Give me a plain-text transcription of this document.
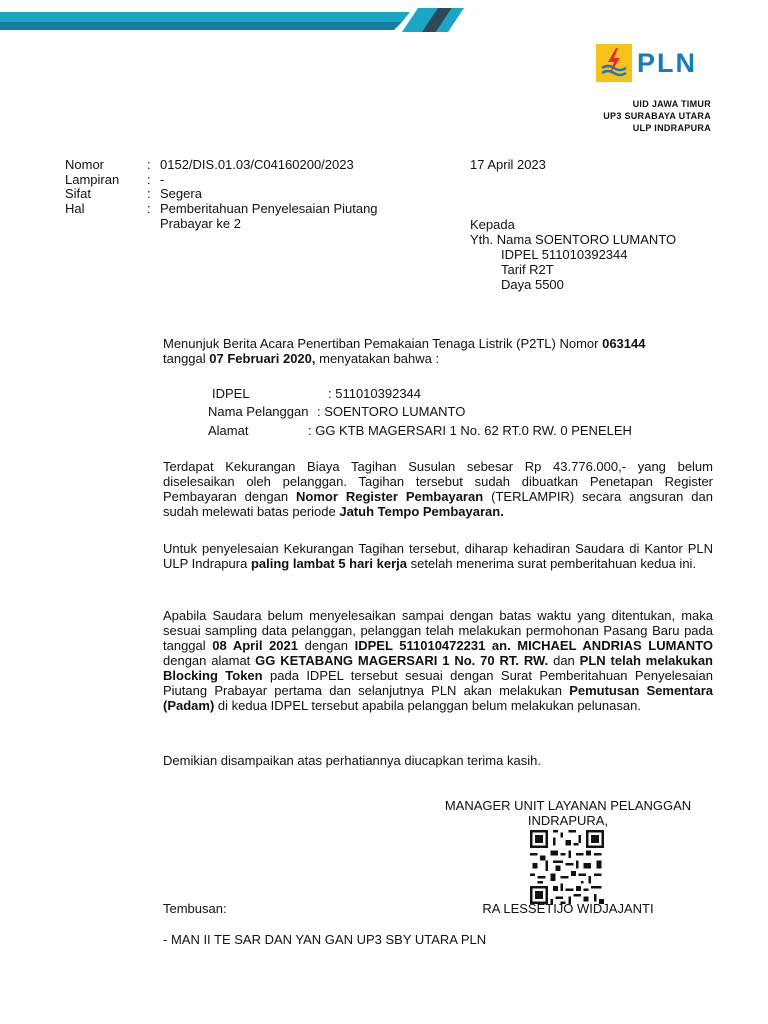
PLN
UID JAWA TIMUR
UP3 SURABAYA UTARA
ULP INDRAPURA
Nomor	: 0152/DIS.01.03/C04160200/2023
Lampiran	: -
Sifat	: Segera
Hal	: Pemberitahuan Penyelesaian Piutang
Prabayar ke 2
17 April 2023
Kepada
Yth. Nama SOENTORO LUMANTO
IDPEL 511010392344
Tarif R2T
Daya 5500
Menunjuk Berita Acara Penertiban Pemakaian Tenaga Listrik (P2TL) Nomor 063144
tanggal 07 Februari 2020, menyatakan bahwa :
IDPEL	: 511010392344
Nama Pelanggan : SOENTORO LUMANTO
Alamat	: GG KTB MAGERSARI 1 No. 62 RT.0 RW. 0 PENELEH
Terdapat Kekurangan Biaya Tagihan Susulan sebesar Rp 43.776.000,- yang belum diselesaikan oleh pelanggan. Tagihan tersebut sudah dibuatkan Penetapan Register Pembayaran dengan Nomor Register Pembayaran (TERLAMPIR) secara angsuran dan sudah melewati batas periode Jatuh Tempo Pembayaran.
Untuk penyelesaian Kekurangan Tagihan tersebut, diharap kehadiran Saudara di Kantor PLN ULP Indrapura paling lambat 5 hari kerja setelah menerima surat pemberitahuan kedua ini.
Apabila Saudara belum menyelesaikan sampai dengan batas waktu yang ditentukan, maka sesuai sampling data pelanggan, pelanggan telah melakukan permohonan Pasang Baru pada tanggal 08 April 2021 dengan IDPEL 511010472231 an. MICHAEL ANDRIAS LUMANTO dengan alamat GG KETABANG MAGERSARI 1 No. 70 RT. RW. dan PLN telah melakukan Blocking Token pada IDPEL tersebut sesuai dengan Surat Pemberitahuan Penyelesaian Piutang Prabayar pertama dan selanjutnya PLN akan melakukan Pemutusan Sementara (Padam) di kedua IDPEL tersebut apabila pelanggan belum melakukan pelunasan.
Demikian disampaikan atas perhatiannya diucapkan terima kasih.
MANAGER UNIT LAYANAN PELANGGAN
INDRAPURA,
Tembusan:	RA LESSETIJO WIDJAJANTI
- MAN II TE SAR DAN YAN GAN UP3 SBY UTARA PLN
